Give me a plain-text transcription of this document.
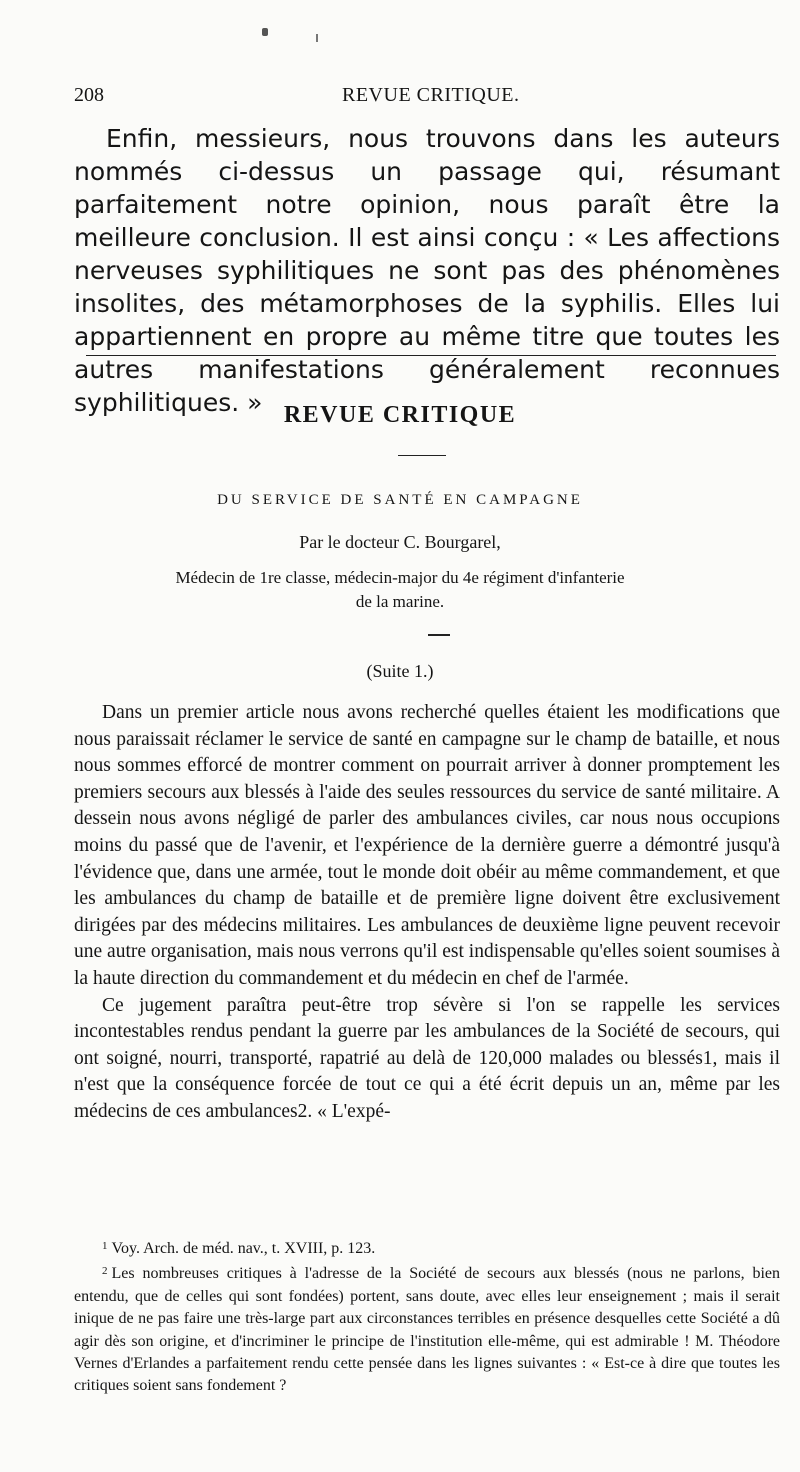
208	REVUE CRITIQUE.

Enfin, messieurs, nous trouvons dans les auteurs nommés ci-dessus un passage qui, résumant parfaitement notre opinion, nous paraît être la meilleure conclusion. Il est ainsi conçu : « Les affections nerveuses syphilitiques ne sont pas des phénomènes insolites, des métamorphoses de la syphilis. Elles lui appartiennent en propre au même titre que toutes les autres manifestations généralement reconnues syphilitiques. » REVUE CRITIQUE
DU SERVICE DE SANTÉ EN CAMPAGNE
Par le docteur C. Bourgarel,
Médecin de 1re classe, médecin-major du 4e régiment d'infanterie
de la marine.
(Suite 1.)

Dans un premier article nous avons recherché quelles étaient les modifications que nous paraissait réclamer le service de santé en campagne sur le champ de bataille, et nous nous sommes efforcé de montrer comment on pourrait arriver à donner promptement les premiers secours aux blessés à l'aide des seules ressources du service de santé militaire. A dessein nous avons négligé de parler des ambulances civiles, car nous nous occupions moins du passé que de l'avenir, et l'expérience de la dernière guerre a démontré jusqu'à l'évidence que, dans une armée, tout le monde doit obéir au même commandement, et que les ambulances du champ de bataille et de première ligne doivent être exclusivement dirigées par des médecins militaires. Les ambulances de deuxième ligne peuvent recevoir une autre organisation, mais nous verrons qu'il est indispensable qu'elles soient soumises à la haute direction du commandement et du médecin en chef de l'armée.

Ce jugement paraîtra peut-être trop sévère si l'on se rappelle les services incontestables rendus pendant la guerre par les ambulances de la Société de secours, qui ont soigné, nourri, transporté, rapatrié au delà de 120,000 malades ou blessés1, mais il n'est que la conséquence forcée de tout ce qui a été écrit depuis un an, même par les médecins de ces ambulances2. « L'expé-

$^1$ Voy. Arch. de méd. nav., t. XVIII, p. 123.

$^2$ Les nombreuses critiques à l'adresse de la Société de secours aux blessés (nous ne parlons, bien entendu, que de celles qui sont fondées) portent, sans doute, avec elles leur enseignement ; mais il serait inique de ne pas faire une très-large part aux circonstances terribles en présence desquelles cette Société a dû agir dès son origine, et d'incriminer le principe de l'institution elle-même, qui est admirable ! M. Théodore Vernes d'Erlandes a parfaitement rendu cette pensée dans les lignes suivantes : « Est-ce à dire que toutes les critiques soient sans fondement ?
